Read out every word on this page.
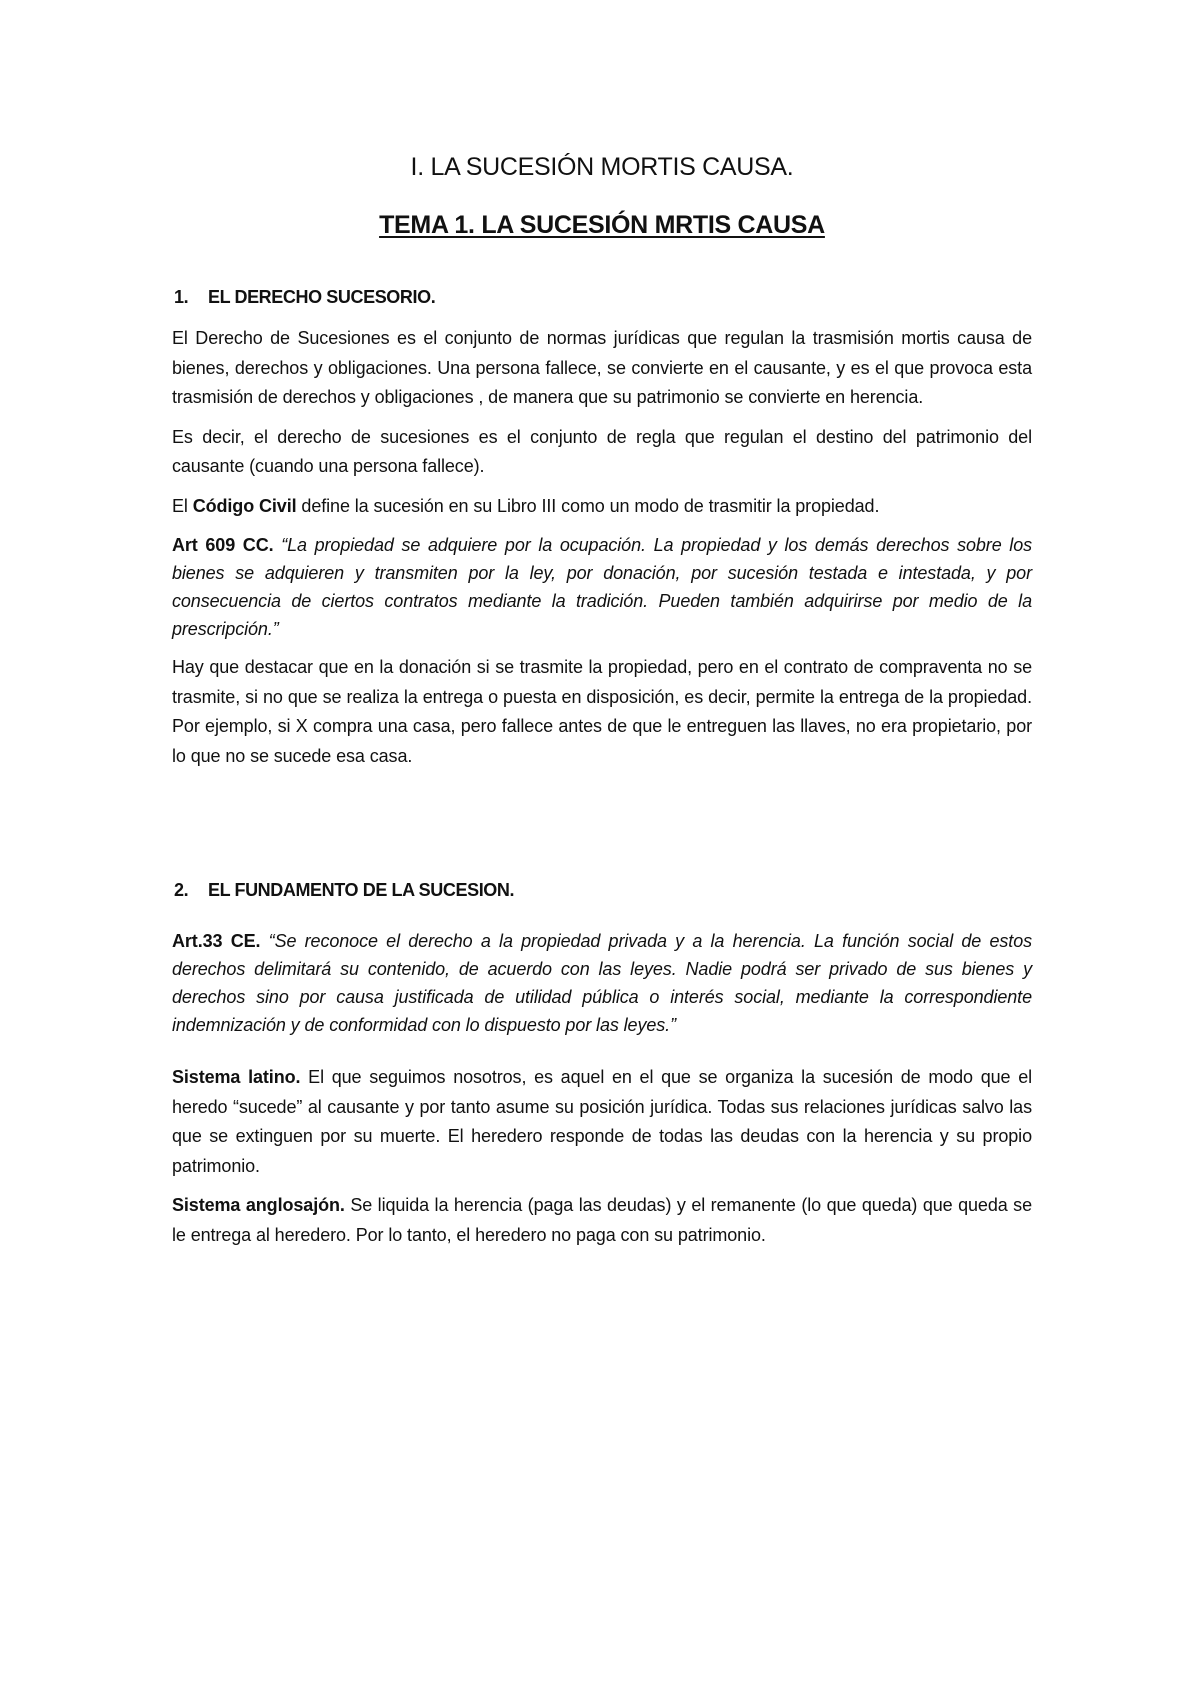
I. LA SUCESIÓN MORTIS CAUSA.
TEMA 1. LA SUCESIÓN MRTIS CAUSA
1.	EL DERECHO SUCESORIO.

El Derecho de Sucesiones es el conjunto de normas jurídicas que regulan la trasmisión mortis causa de bienes, derechos y obligaciones. Una persona fallece, se convierte en el causante, y es el que provoca esta trasmisión de derechos y obligaciones , de manera que su patrimonio se convierte en herencia.

Es decir, el derecho de sucesiones es el conjunto de regla que regulan el destino del patrimonio del causante (cuando una persona fallece).

El Código Civil define la sucesión en su Libro III como un modo de trasmitir la propiedad.

Art 609 CC. “La propiedad se adquiere por la ocupación. La propiedad y los demás derechos sobre los bienes se adquieren y transmiten por la ley, por donación, por sucesión testada e intestada, y por consecuencia de ciertos contratos mediante la tradición. Pueden también adquirirse por medio de la prescripción.”

Hay que destacar que en la donación si se trasmite la propiedad, pero en el contrato de compraventa no se trasmite, si no que se realiza la entrega o puesta en disposición, es decir, permite la entrega de la propiedad. Por ejemplo, si X compra una casa, pero fallece antes de que le entreguen las llaves, no era propietario, por lo que no se sucede esa casa.

2.	EL FUNDAMENTO DE LA SUCESION.

Art.33 CE. “Se reconoce el derecho a la propiedad privada y a la herencia. La función social de estos derechos delimitará su contenido, de acuerdo con las leyes. Nadie podrá ser privado de sus bienes y derechos sino por causa justificada de utilidad pública o interés social, mediante la correspondiente indemnización y de conformidad con lo dispuesto por las leyes.”

Sistema latino. El que seguimos nosotros, es aquel en el que se organiza la sucesión de modo que el heredo “sucede” al causante y por tanto asume su posición jurídica. Todas sus relaciones jurídicas salvo las que se extinguen por su muerte. El heredero responde de todas las deudas con la herencia y su propio patrimonio.

Sistema anglosajón. Se liquida la herencia (paga las deudas) y el remanente (lo que queda) que queda se le entrega al heredero. Por lo tanto, el heredero no paga con su patrimonio.
